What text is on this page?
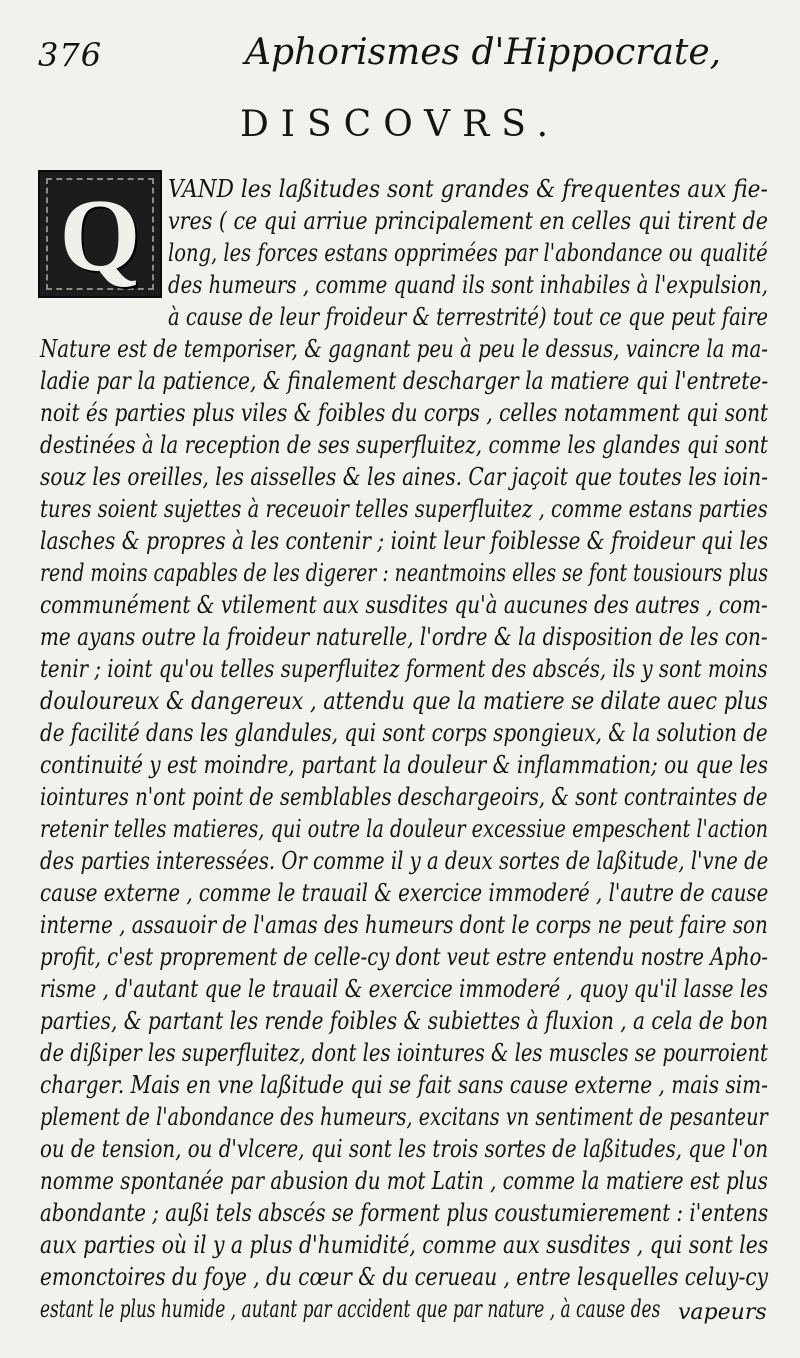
376	Aphorismes d'Hippocrate,
DISCOVRS.
Q	VAND les laßitudes sont grandes & frequentes aux fie-
vres ( ce qui arriue principalement en celles qui tirent de
long, les forces estans opprimées par l'abondance ou qualité
des humeurs , comme quand ils sont inhabiles à l'expulsion,
à cause de leur froideur & terrestrité) tout ce que peut faire
Nature est de temporiser, & gagnant peu à peu le dessus, vaincre la ma-
ladie par la patience, & finalement descharger la matiere qui l'entrete-
noit és parties plus viles & foibles du corps , celles notamment qui sont
destinées à la reception de ses superfluitez, comme les glandes qui sont
souz les oreilles, les aisselles & les aines. Car jaçoit que toutes les ioin-
tures soient sujettes à receuoir telles superfluitez , comme estans parties
lasches & propres à les contenir ; ioint leur foiblesse & froideur qui les
rend moins capables de les digerer : neantmoins elles se font tousiours plus
communément & vtilement aux susdites qu'à aucunes des autres , com-
me ayans outre la froideur naturelle, l'ordre & la disposition de les con-
tenir ; ioint qu'ou telles superfluitez forment des abscés, ils y sont moins
douloureux & dangereux , attendu que la matiere se dilate auec plus
de facilité dans les glandules, qui sont corps spongieux, & la solution de
continuité y est moindre, partant la douleur & inflammation; ou que les
iointures n'ont point de semblables deschargeoirs, & sont contraintes de
retenir telles matieres, qui outre la douleur excessiue empeschent l'action
des parties interessées. Or comme il y a deux sortes de laßitude, l'vne de
cause externe , comme le trauail & exercice immoderé , l'autre de cause
interne , assauoir de l'amas des humeurs dont le corps ne peut faire son
profit, c'est proprement de celle-cy dont veut estre entendu nostre Apho-
risme , d'autant que le trauail & exercice immoderé , quoy qu'il lasse les
parties, & partant les rende foibles & subiettes à fluxion , a cela de bon
de dißiper les superfluitez, dont les iointures & les muscles se pourroient
charger. Mais en vne laßitude qui se fait sans cause externe , mais sim-
plement de l'abondance des humeurs, excitans vn sentiment de pesanteur
ou de tension, ou d'vlcere, qui sont les trois sortes de laßitudes, que l'on
nomme spontanée par abusion du mot Latin , comme la matiere est plus
abondante ; außi tels abscés se forment plus coustumierement : i'entens
aux parties où il y a plus d'humidité, comme aux susdites , qui sont les
emonctoires du foye , du cœur & du cerueau , entre lesquelles celuy-cy
estant le plus humide , autant par accident que par nature , à cause des vapeurs
